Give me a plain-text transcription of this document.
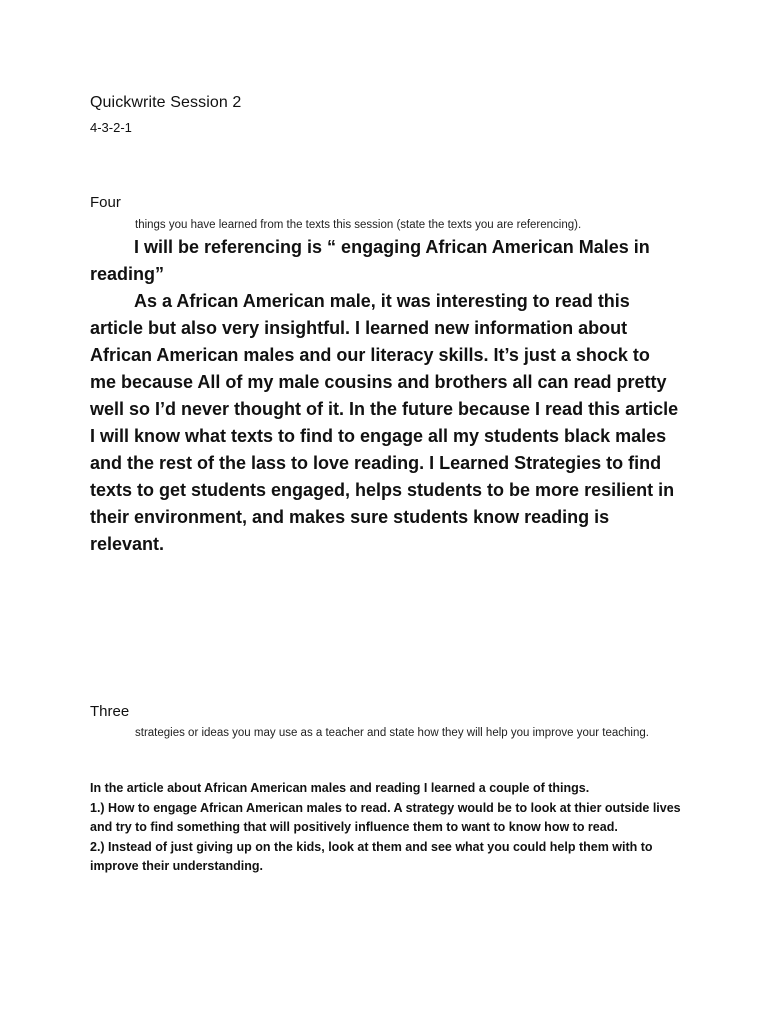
Quickwrite Session 2
4-3-2-1
Four
things you have learned from the texts this session (state the texts you are referencing).

I will be referencing is “ engaging African American Males in reading”

As a African American male, it was interesting to read this article but also very insightful. I learned new information about African American males and our literacy skills. It’s just a shock to me because All of my male cousins and brothers all can read pretty well so I’d never thought of it. In the future because I read this article I will know what texts to find to engage all my students black males and the rest of the lass to love reading. I Learned Strategies to find texts to get students engaged, helps students to be more resilient in their environment, and makes sure students know reading is relevant.

Three
strategies or ideas you may use as a teacher and state how they will help you improve your teaching.

In the article about African American males and reading I learned a couple of things.

1.) How to engage African American males to read. A strategy would be to look at thier outside lives and try to find something that will positively influence them to want to know how to read.

2.) Instead of just giving up on the kids, look at them and see what you could help them with to improve their understanding.
